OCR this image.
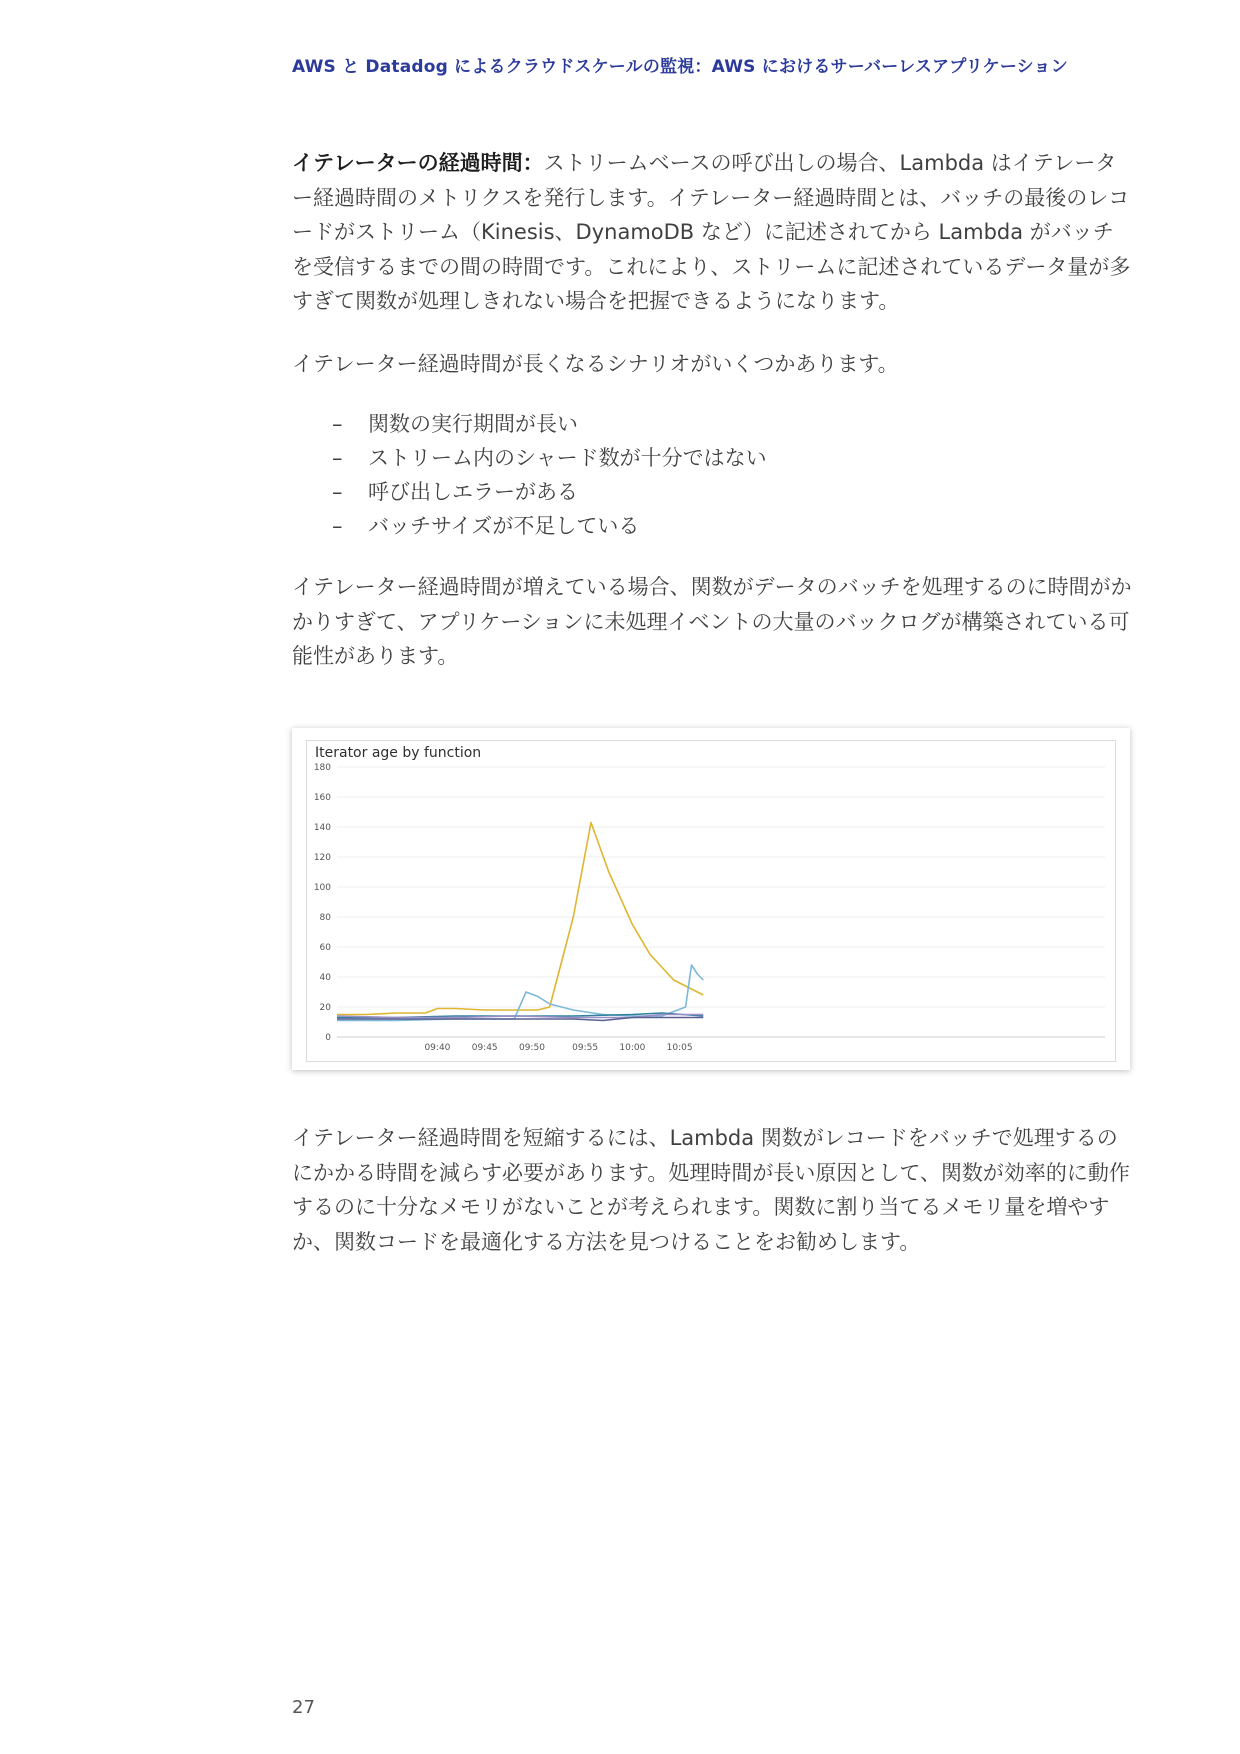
AWS と Datadog によるクラウドスケールの監視：AWS におけるサーバーレスアプリケーション

イテレーターの経過時間：ストリームベースの呼び出しの場合、Lambda はイテレーター経過時間のメトリクスを発行します。イテレーター経過時間とは、バッチの最後のレコードがストリーム（Kinesis、DynamoDB など）に記述されてから Lambda がバッチを受信するまでの間の時間です。これにより、ストリームに記述されているデータ量が多すぎて関数が処理しきれない場合を把握できるようになります。

イテレーター経過時間が長くなるシナリオがいくつかあります。

– 関数の実行期間が長い
– ストリーム内のシャード数が十分ではない
– 呼び出しエラーがある
– バッチサイズが不足している

イテレーター経過時間が増えている場合、関数がデータのバッチを処理するのに時間がかかりすぎて、アプリケーションに未処理イベントの大量のバックログが構築されている可能性があります。

Iterator age by function
0
20
40
60
80
100
120
140
160
180
09:40 09:45 09:50	09:55 10:00 10:05

イテレーター経過時間を短縮するには、Lambda 関数がレコードをバッチで処理するのにかかる時間を減らす必要があります。処理時間が長い原因として、関数が効率的に動作するのに十分なメモリがないことが考えられます。関数に割り当てるメモリ量を増やすか、関数コードを最適化する方法を見つけることをお勧めします。

27
